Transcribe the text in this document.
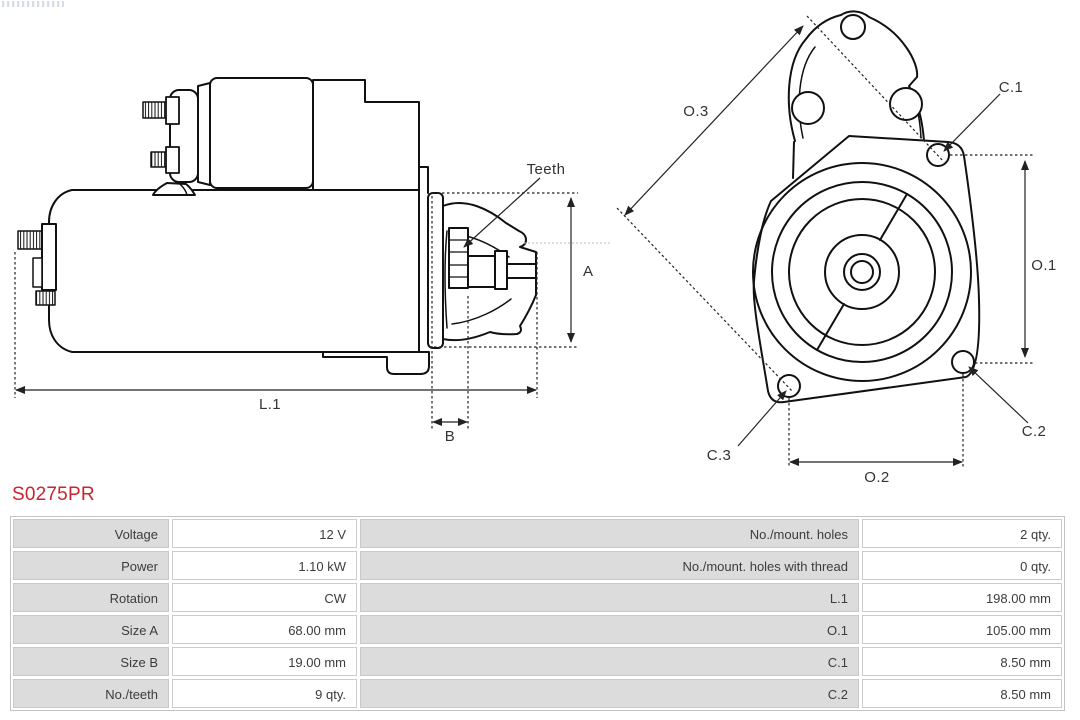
Teeth
A
L.1
B
O.3
C.1
O.1
C.2
C.3
O.2
S0275PR
Voltage	12 V	No./mount. holes	2 qty.
Power	1.10 kW	No./mount. holes with thread	0 qty.
Rotation	CW	L.1	198.00 mm
Size A	68.00 mm	O.1	105.00 mm
Size B	19.00 mm	C.1	8.50 mm
No./teeth	9 qty.	C.2	8.50 mm
